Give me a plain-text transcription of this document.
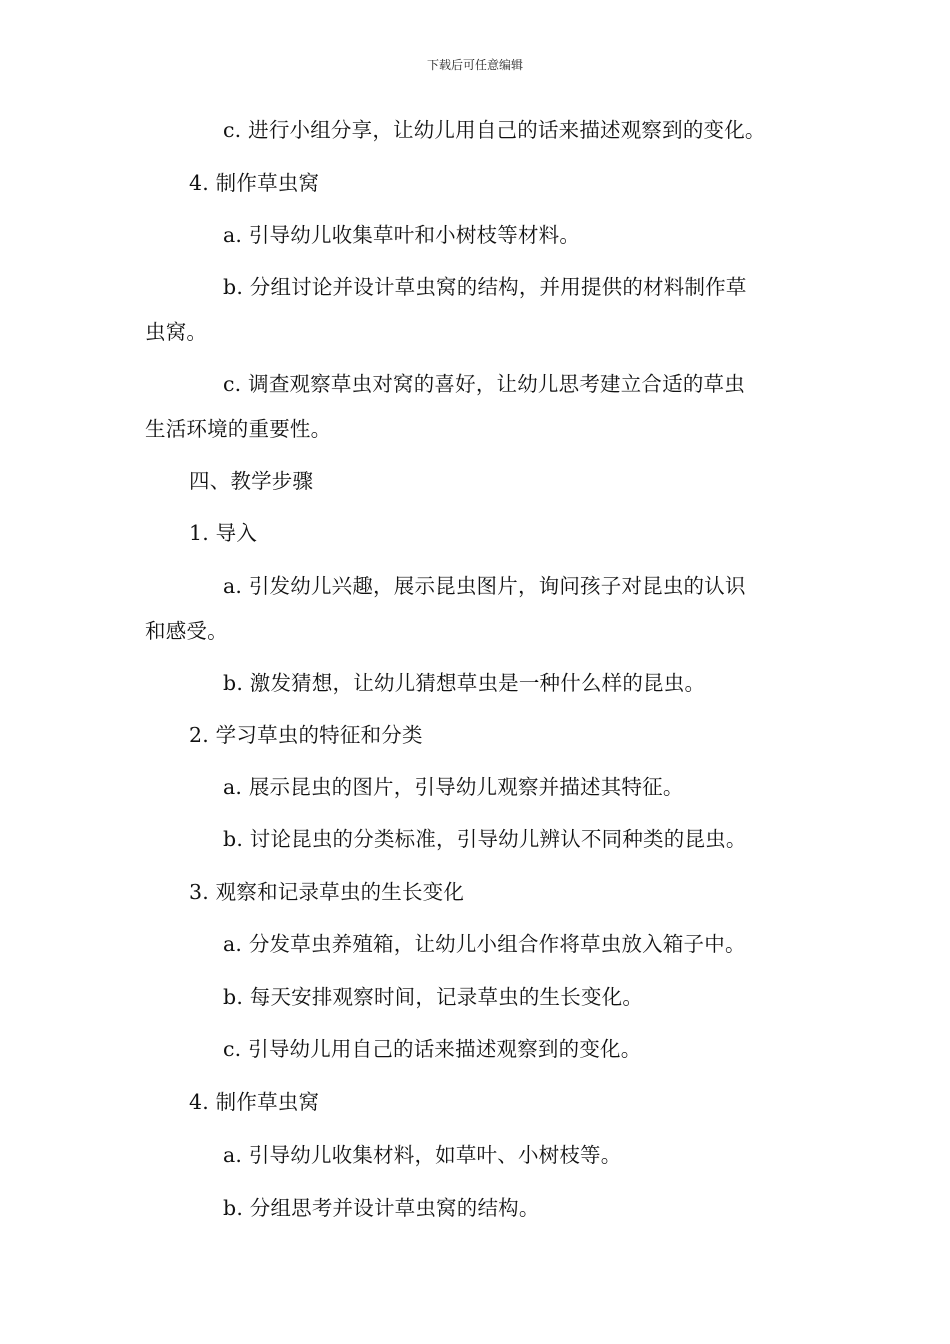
下载后可任意编辑
c. 进行小组分享，让幼儿用自己的话来描述观察到的变化。
4. 制作草虫窝
a. 引导幼儿收集草叶和小树枝等材料。
b. 分组讨论并设计草虫窝的结构，并用提供的材料制作草
虫窝。
c. 调查观察草虫对窝的喜好，让幼儿思考建立合适的草虫
生活环境的重要性。
四、教学步骤
1. 导入
a. 引发幼儿兴趣，展示昆虫图片，询问孩子对昆虫的认识
和感受。
b. 激发猜想，让幼儿猜想草虫是一种什么样的昆虫。
2. 学习草虫的特征和分类
a. 展示昆虫的图片，引导幼儿观察并描述其特征。
b. 讨论昆虫的分类标准，引导幼儿辨认不同种类的昆虫。
3. 观察和记录草虫的生长变化
a. 分发草虫养殖箱，让幼儿小组合作将草虫放入箱子中。
b. 每天安排观察时间，记录草虫的生长变化。
c. 引导幼儿用自己的话来描述观察到的变化。
4. 制作草虫窝
a. 引导幼儿收集材料，如草叶、小树枝等。
b. 分组思考并设计草虫窝的结构。
